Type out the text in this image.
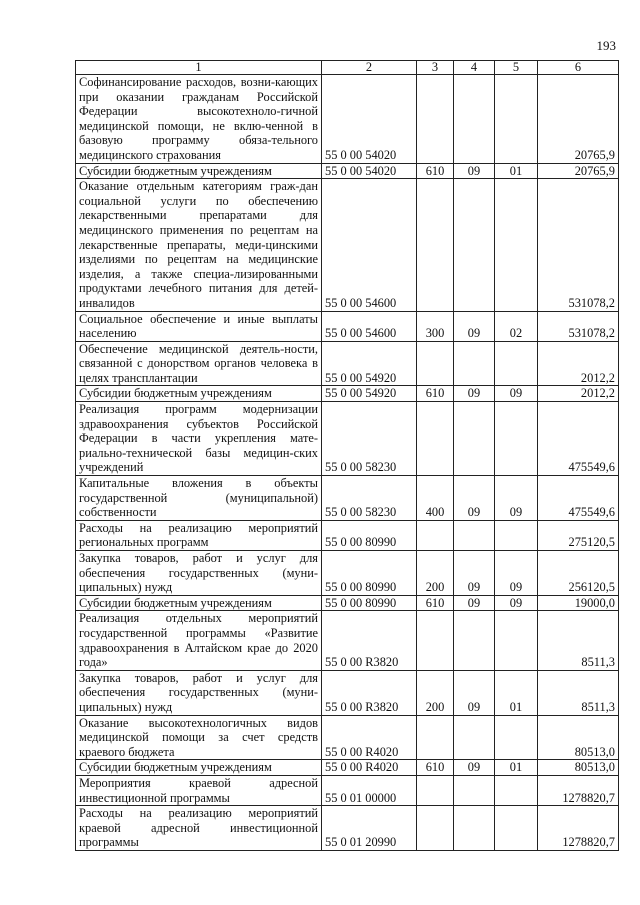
193
1	2	3	4	5	6
Софинансирование расходов, возни-кающих при оказании гражданам Российской Федерации высокотехноло-гичной медицинской помощи, не вклю-ченной в базовую программу обяза-тельного медицинского страхования	55 0 00 54020				20765,9
Субсидии бюджетным учреждениям	55 0 00 54020	610	09	01	20765,9
Оказание отдельным категориям граж-дан социальной услуги по обеспечению лекарственными препаратами для медицинского применения по рецептам на лекарственные препараты, меди-цинскими изделиями по рецептам на медицинские изделия, а также специа-лизированными продуктами лечебного питания для детей-инвалидов	55 0 00 54600				531078,2
Социальное обеспечение и иные выплаты населению	55 0 00 54600	300	09	02	531078,2
Обеспечение медицинской деятель-ности, связанной с донорством органов человека в целях трансплантации	55 0 00 54920				2012,2
Субсидии бюджетным учреждениям	55 0 00 54920	610	09	09	2012,2
Реализация программ модернизации здравоохранения субъектов Российской Федерации в части укрепления мате-риально-технической базы медицин-ских учреждений	55 0 00 58230				475549,6
Капитальные вложения в объекты государственной (муниципальной) собственности	55 0 00 58230	400	09	09	475549,6
Расходы на реализацию мероприятий региональных программ	55 0 00 80990				275120,5
Закупка товаров, работ и услуг для обеспечения государственных (муни-ципальных) нужд	55 0 00 80990	200	09	09	256120,5
Субсидии бюджетным учреждениям	55 0 00 80990	610	09	09	19000,0
Реализация отдельных мероприятий государственной программы «Развитие здравоохранения в Алтайском крае до 2020 года»	55 0 00 R3820				8511,3
Закупка товаров, работ и услуг для обеспечения государственных (муни-ципальных) нужд	55 0 00 R3820	200	09	01	8511,3
Оказание высокотехнологичных видов медицинской помощи за счет средств краевого бюджета	55 0 00 R4020				80513,0
Субсидии бюджетным учреждениям	55 0 00 R4020	610	09	01	80513,0
Мероприятия краевой адресной инвестиционной программы	55 0 01 00000				1278820,7
Расходы на реализацию мероприятий краевой адресной инвестиционной программы	55 0 01 20990				1278820,7
